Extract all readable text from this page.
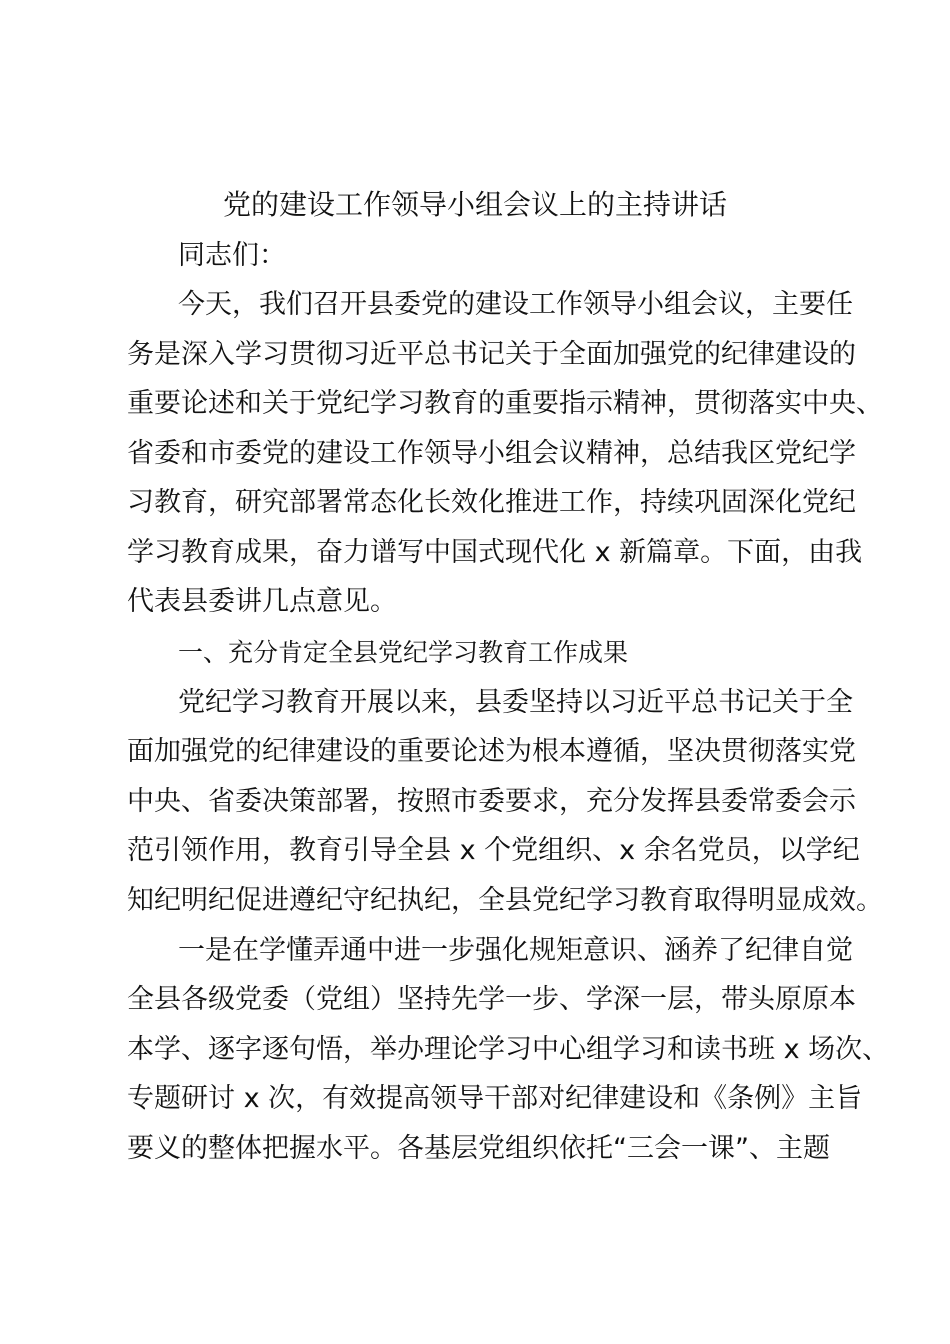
党的建设工作领导小组会议上的主持讲话
同志们：
今天，我们召开县委党的建设工作领导小组会议，主要任
务是深入学习贯彻习近平总书记关于全面加强党的纪律建设的
重要论述和关于党纪学习教育的重要指示精神，贯彻落实中央、
省委和市委党的建设工作领导小组会议精神，总结我区党纪学
习教育，研究部署常态化长效化推进工作，持续巩固深化党纪
学习教育成果，奋力谱写中国式现代化 x 新篇章。下面，由我
代表县委讲几点意见。
一、充分肯定全县党纪学习教育工作成果
党纪学习教育开展以来，县委坚持以习近平总书记关于全
面加强党的纪律建设的重要论述为根本遵循，坚决贯彻落实党
中央、省委决策部署，按照市委要求，充分发挥县委常委会示
范引领作用，教育引导全县 x 个党组织、x 余名党员，以学纪
知纪明纪促进遵纪守纪执纪，全县党纪学习教育取得明显成效。
一是在学懂弄通中进一步强化规矩意识、涵养了纪律自觉
全县各级党委（党组）坚持先学一步、学深一层，带头原原本
本学、逐字逐句悟，举办理论学习中心组学习和读书班 x 场次、
专题研讨 x 次，有效提高领导干部对纪律建设和《条例》主旨
要义的整体把握水平。各基层党组织依托“三会一课”、主题
